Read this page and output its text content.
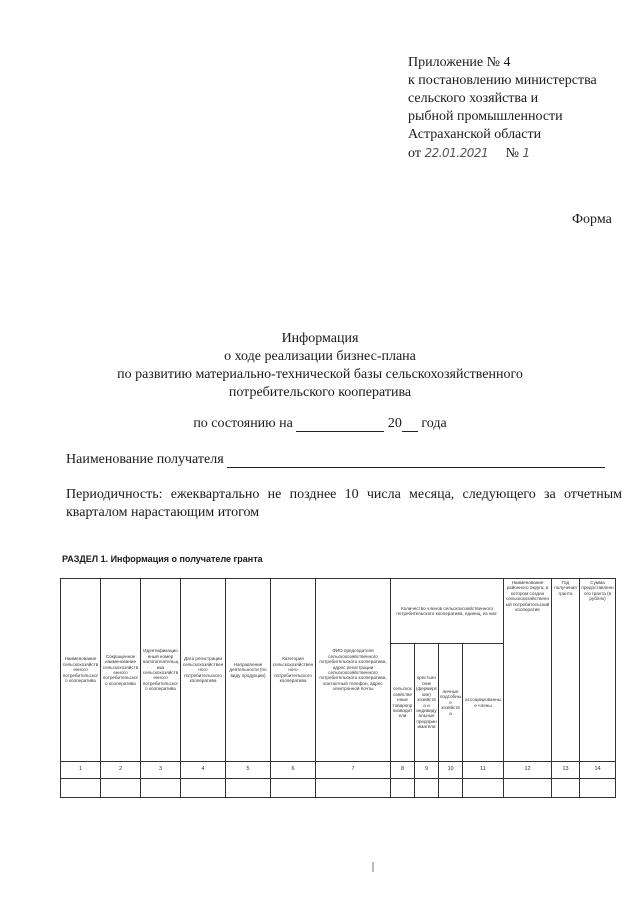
Приложение № 4
к постановлению министерства
сельского хозяйства и
рыбной промышленности
Астраханской области
от 22.01.2021 № 1
Форма
Информация
о ходе реализации бизнес-плана
по развитию материально-технической базы сельскохозяйственного
потребительского кооператива
по состоянию на	20 года
Наименование получателя
Периодичность: ежеквартально не позднее 10 числа месяца, следующего за отчетным кварталом нарастающим итогом
РАЗДЕЛ 1. Информация о получателе гранта
Наименование сельскохозяйственного потребительского кооператива	Сокращенное наименование сельскохозяйственного потребительского кооператива	Идентификационный номер налогоплательщика сельскохозяйственного потребительского кооператива	Дата регистрации сельскохозяйственного потребительского кооператива	Направление деятельности (по виду продукции)	Категория сельскохозяйственного потребительского кооператива	ФИО председателя сельскохозяйственного потребительского кооператива, адрес регистрации сельскохозяйственного потребительского кооператива, контактный телефон, адрес электронной почты	Количество членов сельскохозяйственного потребительского кооператива, единиц, из них:				Наименование районного округа, в котором создан сельскохозяйственный потребительский кооператив	Год получения гранта	Сумма предоставленного гранта (в рублях)
							сельскохозяйственные товаропроизводители	крестьянские (фермерские) хозяйства и индивидуальные предприниматели	личные подсобные хозяйства	ассоциированные члены			
1	2	3	4	5	6	7	8	9	10	11	12	13	14
